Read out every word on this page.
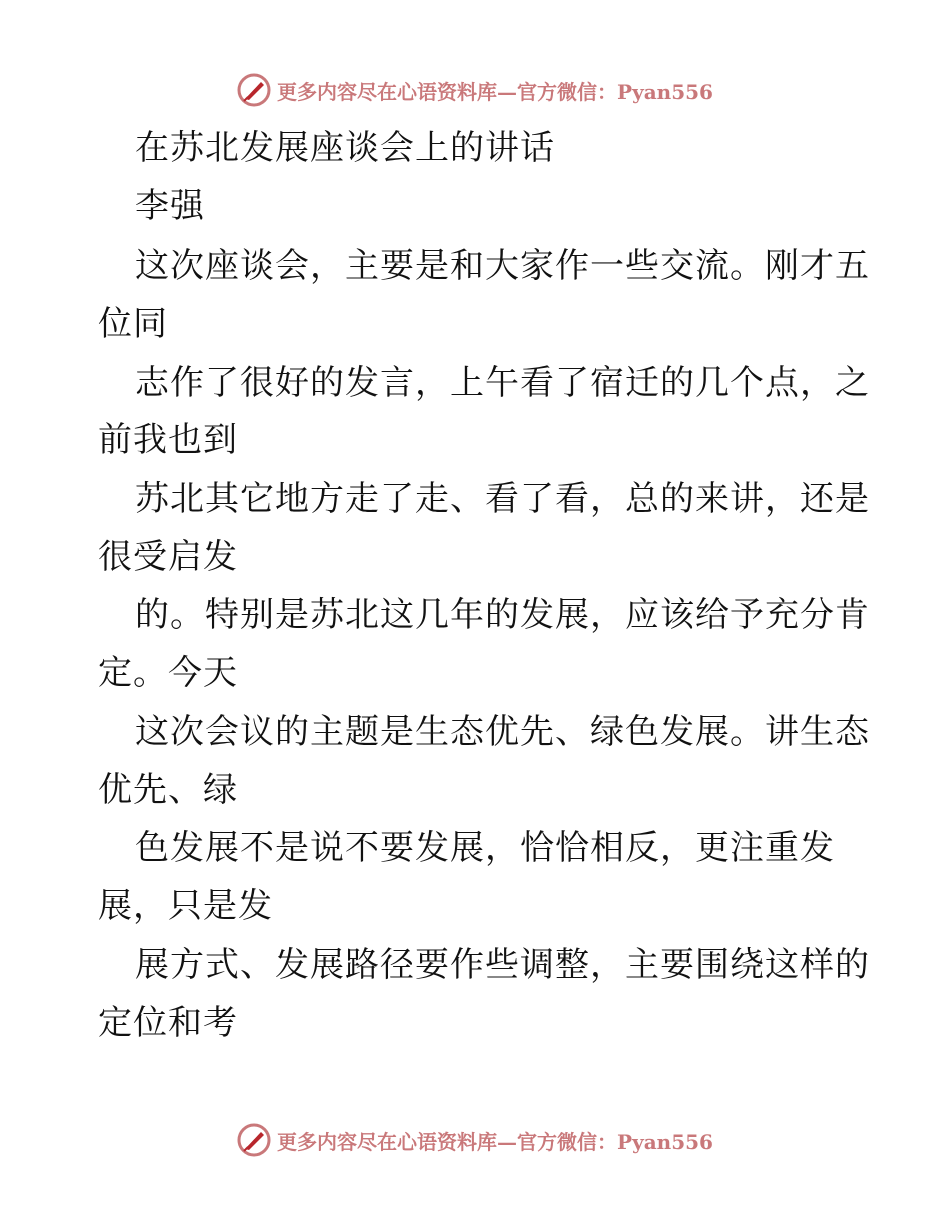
更多内容尽在心语资料库—官方微信：Pyan556
在苏北发展座谈会上的讲话
李强
这次座谈会，主要是和大家作一些交流。刚才五
位同
志作了很好的发言，上午看了宿迁的几个点，之
前我也到
苏北其它地方走了走、看了看，总的来讲，还是
很受启发
的。特别是苏北这几年的发展，应该给予充分肯
定。今天
这次会议的主题是生态优先、绿色发展。讲生态
优先、绿
色发展不是说不要发展，恰恰相反，更注重发
展，只是发
展方式、发展路径要作些调整，主要围绕这样的
定位和考
更多内容尽在心语资料库—官方微信：Pyan556
